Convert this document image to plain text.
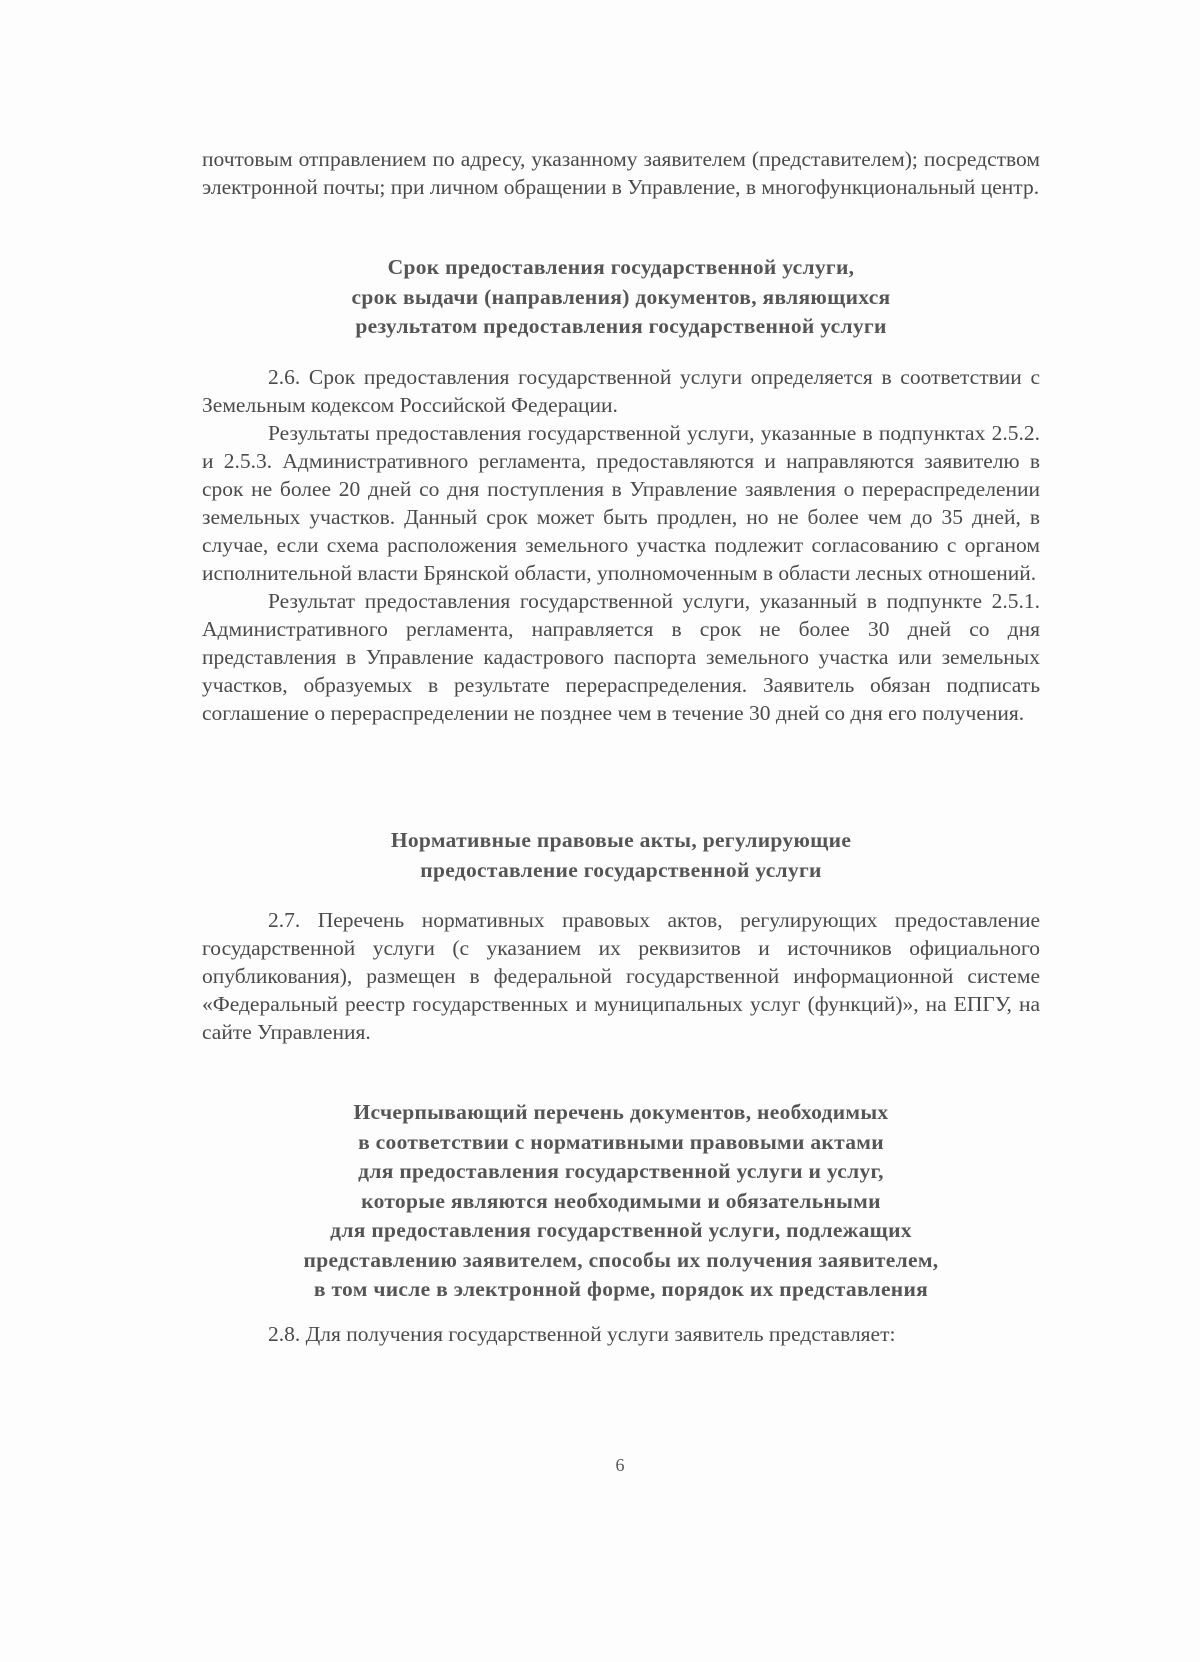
почтовым отправлением по адресу, указанному заявителем (представителем); посредством электронной почты; при личном обращении в Управление, в многофункциональный центр.

Срок предоставления государственной услуги,
срок выдачи (направления) документов, являющихся
результатом предоставления государственной услуги

2.6. Срок предоставления государственной услуги определяется в соответствии с Земельным кодексом Российской Федерации.

Результаты предоставления государственной услуги, указанные в подпунктах 2.5.2. и 2.5.3. Административного регламента, предоставляются и направляются заявителю в срок не более 20 дней со дня поступления в Управление заявления о перераспределении земельных участков. Данный срок может быть продлен, но не более чем до 35 дней, в случае, если схема расположения земельного участка подлежит согласованию с органом исполнительной власти Брянской области, уполномоченным в области лесных отношений.

Результат предоставления государственной услуги, указанный в подпункте 2.5.1. Административного регламента, направляется в срок не более 30 дней со дня представления в Управление кадастрового паспорта земельного участка или земельных участков, образуемых в результате перераспределения. Заявитель обязан подписать соглашение о перераспределении не позднее чем в течение 30 дней со дня его получения.

Нормативные правовые акты, регулирующие
предоставление государственной услуги

2.7. Перечень нормативных правовых актов, регулирующих предоставление государственной услуги (с указанием их реквизитов и источников официального опубликования), размещен в федеральной государственной информационной системе «Федеральный реестр государственных и муниципальных услуг (функций)», на ЕПГУ, на сайте Управления.

Исчерпывающий перечень документов, необходимых
в соответствии с нормативными правовыми актами
для предоставления государственной услуги и услуг,
которые являются необходимыми и обязательными
для предоставления государственной услуги, подлежащих
представлению заявителем, способы их получения заявителем,
в том числе в электронной форме, порядок их представления

2.8. Для получения государственной услуги заявитель представляет:

6
